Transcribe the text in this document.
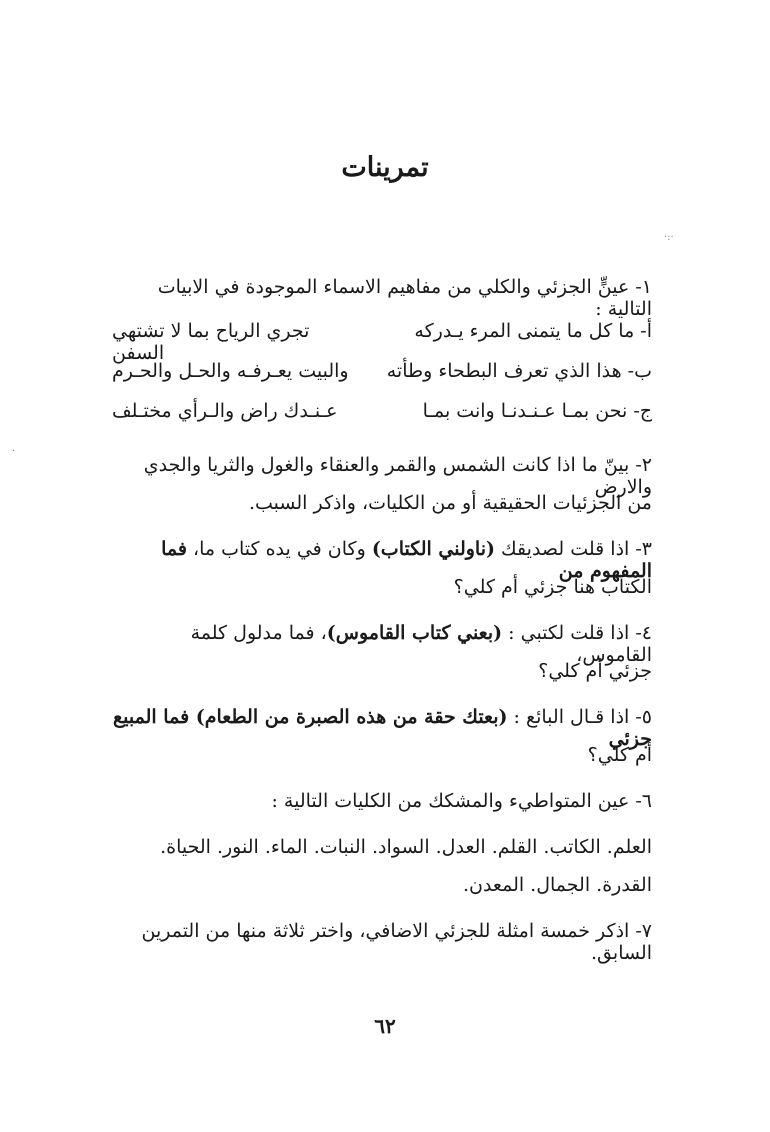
تمرينات
١- عينٍّ الجزئي والكلي من مفاهيم الاسماء الموجودة في الابيات التالية :
أ- ما كل ما يتمنى المرء يـدركه
تجري الرياح بما لا تشتهي السفن
ب- هذا الذي تعرف البطحاء وطأته
والبيت يعـرفـه والحـل والحـرم
ج- نحن بمـا عـنـدنـا وانت بمـا
عـنـدك راض والـرأي مختـلف
٢- بينّ ما اذا كانت الشمس والقمر والعنقاء والغول والثريا والجدي والارض
من الجزئيات الحقيقية أو من الكليات، واذكر السبب.
٣- اذا قلت لصديقك (ناولني الكتاب) وكان في يده كتاب ما، فما المفهوم من
الكتاب هنا جزئي أم كلي؟
٤- اذا قلت لكتبي : (بعني كتاب القاموس)، فما مدلول كلمة القاموس،
جزئي أم كلي؟
٥- اذا قـال البائع : (بعتك حقة من هذه الصبرة من الطعام) فما المبيع جزئي
أم كلي؟
٦- عين المتواطيء والمشكك من الكليات التالية :
العلم. الكاتب. القلم. العدل. السواد. النبات. الماء. النور. الحياة.
القدرة. الجمال. المعدن.
٧- اذكر خمسة امثلة للجزئي الاضافي، واختر ثلاثة منها من التمرين السابق.
٦٢
·:·
·
